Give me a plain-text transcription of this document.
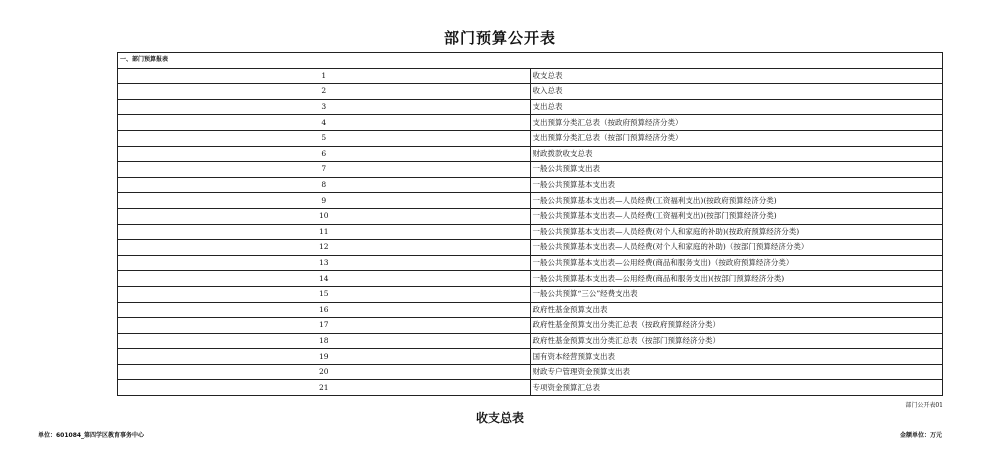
部门预算公开表
一、部门预算报表	
1	收支总表
2	收入总表
3	支出总表
4	支出预算分类汇总表（按政府预算经济分类）
5	支出预算分类汇总表（按部门预算经济分类）
6	财政拨款收支总表
7	一般公共预算支出表
8	一般公共预算基本支出表
9	一般公共预算基本支出表—人员经费(工资福利支出)(按政府预算经济分类)
10	一般公共预算基本支出表—人员经费(工资福利支出)(按部门预算经济分类)
11	一般公共预算基本支出表—人员经费(对个人和家庭的补助)(按政府预算经济分类)
12	一般公共预算基本支出表—人员经费(对个人和家庭的补助)（按部门预算经济分类）
13	一般公共预算基本支出表—公用经费(商品和服务支出)（按政府预算经济分类）
14	一般公共预算基本支出表—公用经费(商品和服务支出)(按部门预算经济分类)
15	一般公共预算“三公”经费支出表
16	政府性基金预算支出表
17	政府性基金预算支出分类汇总表（按政府预算经济分类）
18	政府性基金预算支出分类汇总表（按部门预算经济分类）
19	国有资本经营预算支出表
20	财政专户管理资金预算支出表
21	专项资金预算汇总表
部门公开表01
收支总表
单位：601084_第四学区教育事务中心	金额单位：万元
